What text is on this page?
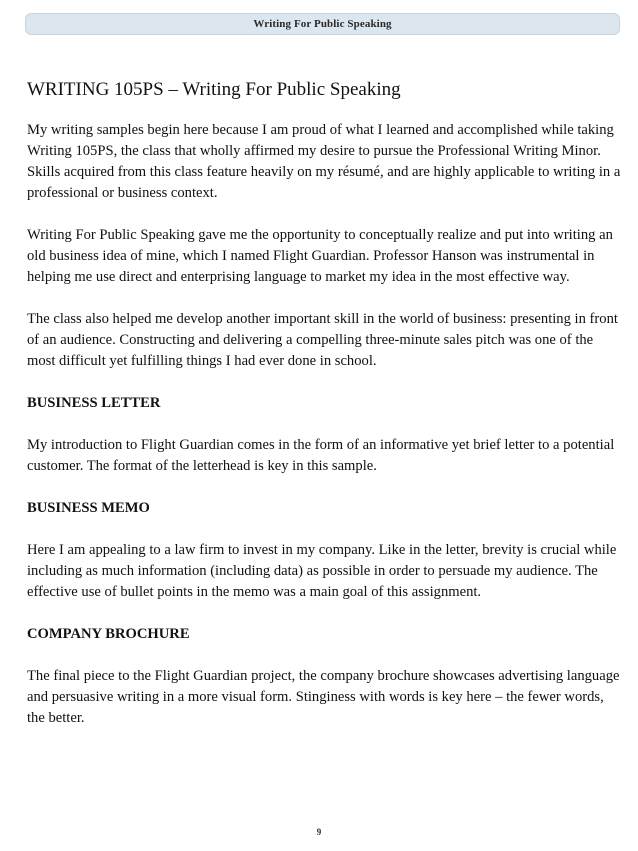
Writing For Public Speaking
WRITING 105PS – Writing For Public Speaking

My writing samples begin here because I am proud of what I learned and accomplished while taking Writing 105PS, the class that wholly affirmed my desire to pursue the Professional Writing Minor. Skills acquired from this class feature heavily on my résumé, and are highly applicable to writing in a professional or business context.

Writing For Public Speaking gave me the opportunity to conceptually realize and put into writing an old business idea of mine, which I named Flight Guardian. Professor Hanson was instrumental in helping me use direct and enterprising language to market my idea in the most effective way.

The class also helped me develop another important skill in the world of business: presenting in front of an audience. Constructing and delivering a compelling three-minute sales pitch was one of the most difficult yet fulfilling things I had ever done in school.

BUSINESS LETTER

My introduction to Flight Guardian comes in the form of an informative yet brief letter to a potential customer. The format of the letterhead is key in this sample.

BUSINESS MEMO

Here I am appealing to a law firm to invest in my company. Like in the letter, brevity is crucial while including as much information (including data) as possible in order to persuade my audience. The effective use of bullet points in the memo was a main goal of this assignment.

COMPANY BROCHURE

The final piece to the Flight Guardian project, the company brochure showcases advertising language and persuasive writing in a more visual form. Stinginess with words is key here – the fewer words, the better.

9
